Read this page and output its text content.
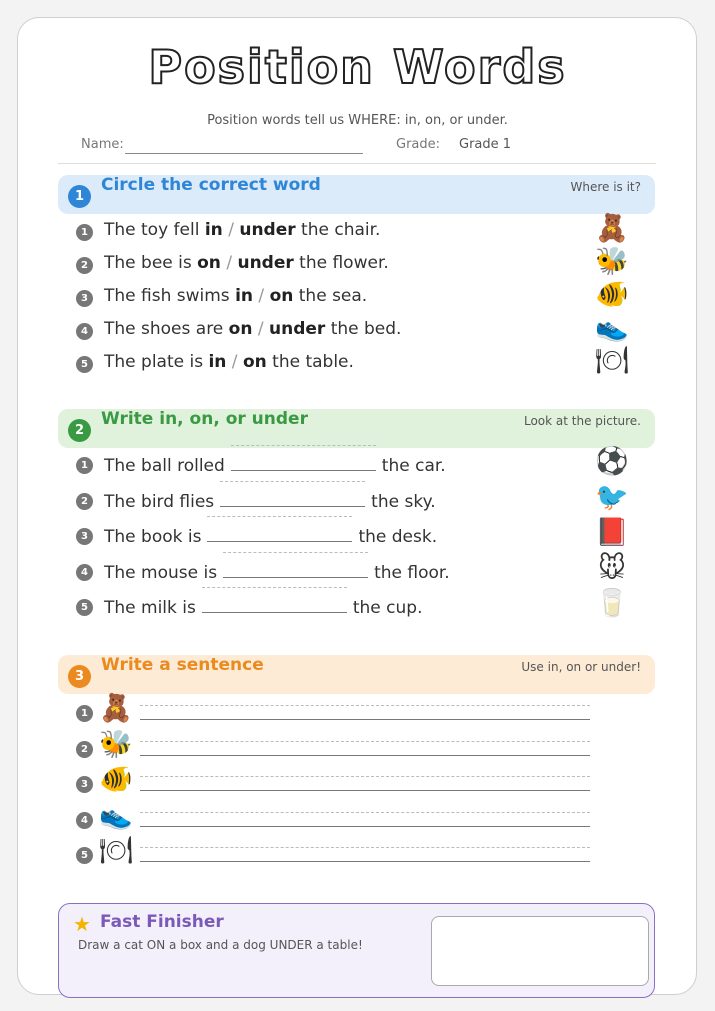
Position Words
Position words tell us WHERE: in, on, or under.
Name:	Grade: Grade 1
1
Circle the correct word	Where is it?
1 The toy fell in / under the chair.	🧸
2 The bee is on / under the flower.	🐝
3 The fish swims in / on the sea.	🐠
4 The shoes are on / under the bed.	👟
5 The plate is in / on the table.	🍽
2
Write in, on, or under	Look at the picture.
1 The ball rolled	the car.	⚽
2 The bird flies	the sky.	🐦
3 The book is	the desk.	📕
4 The mouse is	the floor.	🐭
5 The milk is	the cup.	🥛
3
Write a sentence	Use in, on or under!
1 🧸
2 🐝
3 🐠
4 👟
5 🍽
★ Fast Finisher
Draw a cat ON a box and a dog UNDER a table!
